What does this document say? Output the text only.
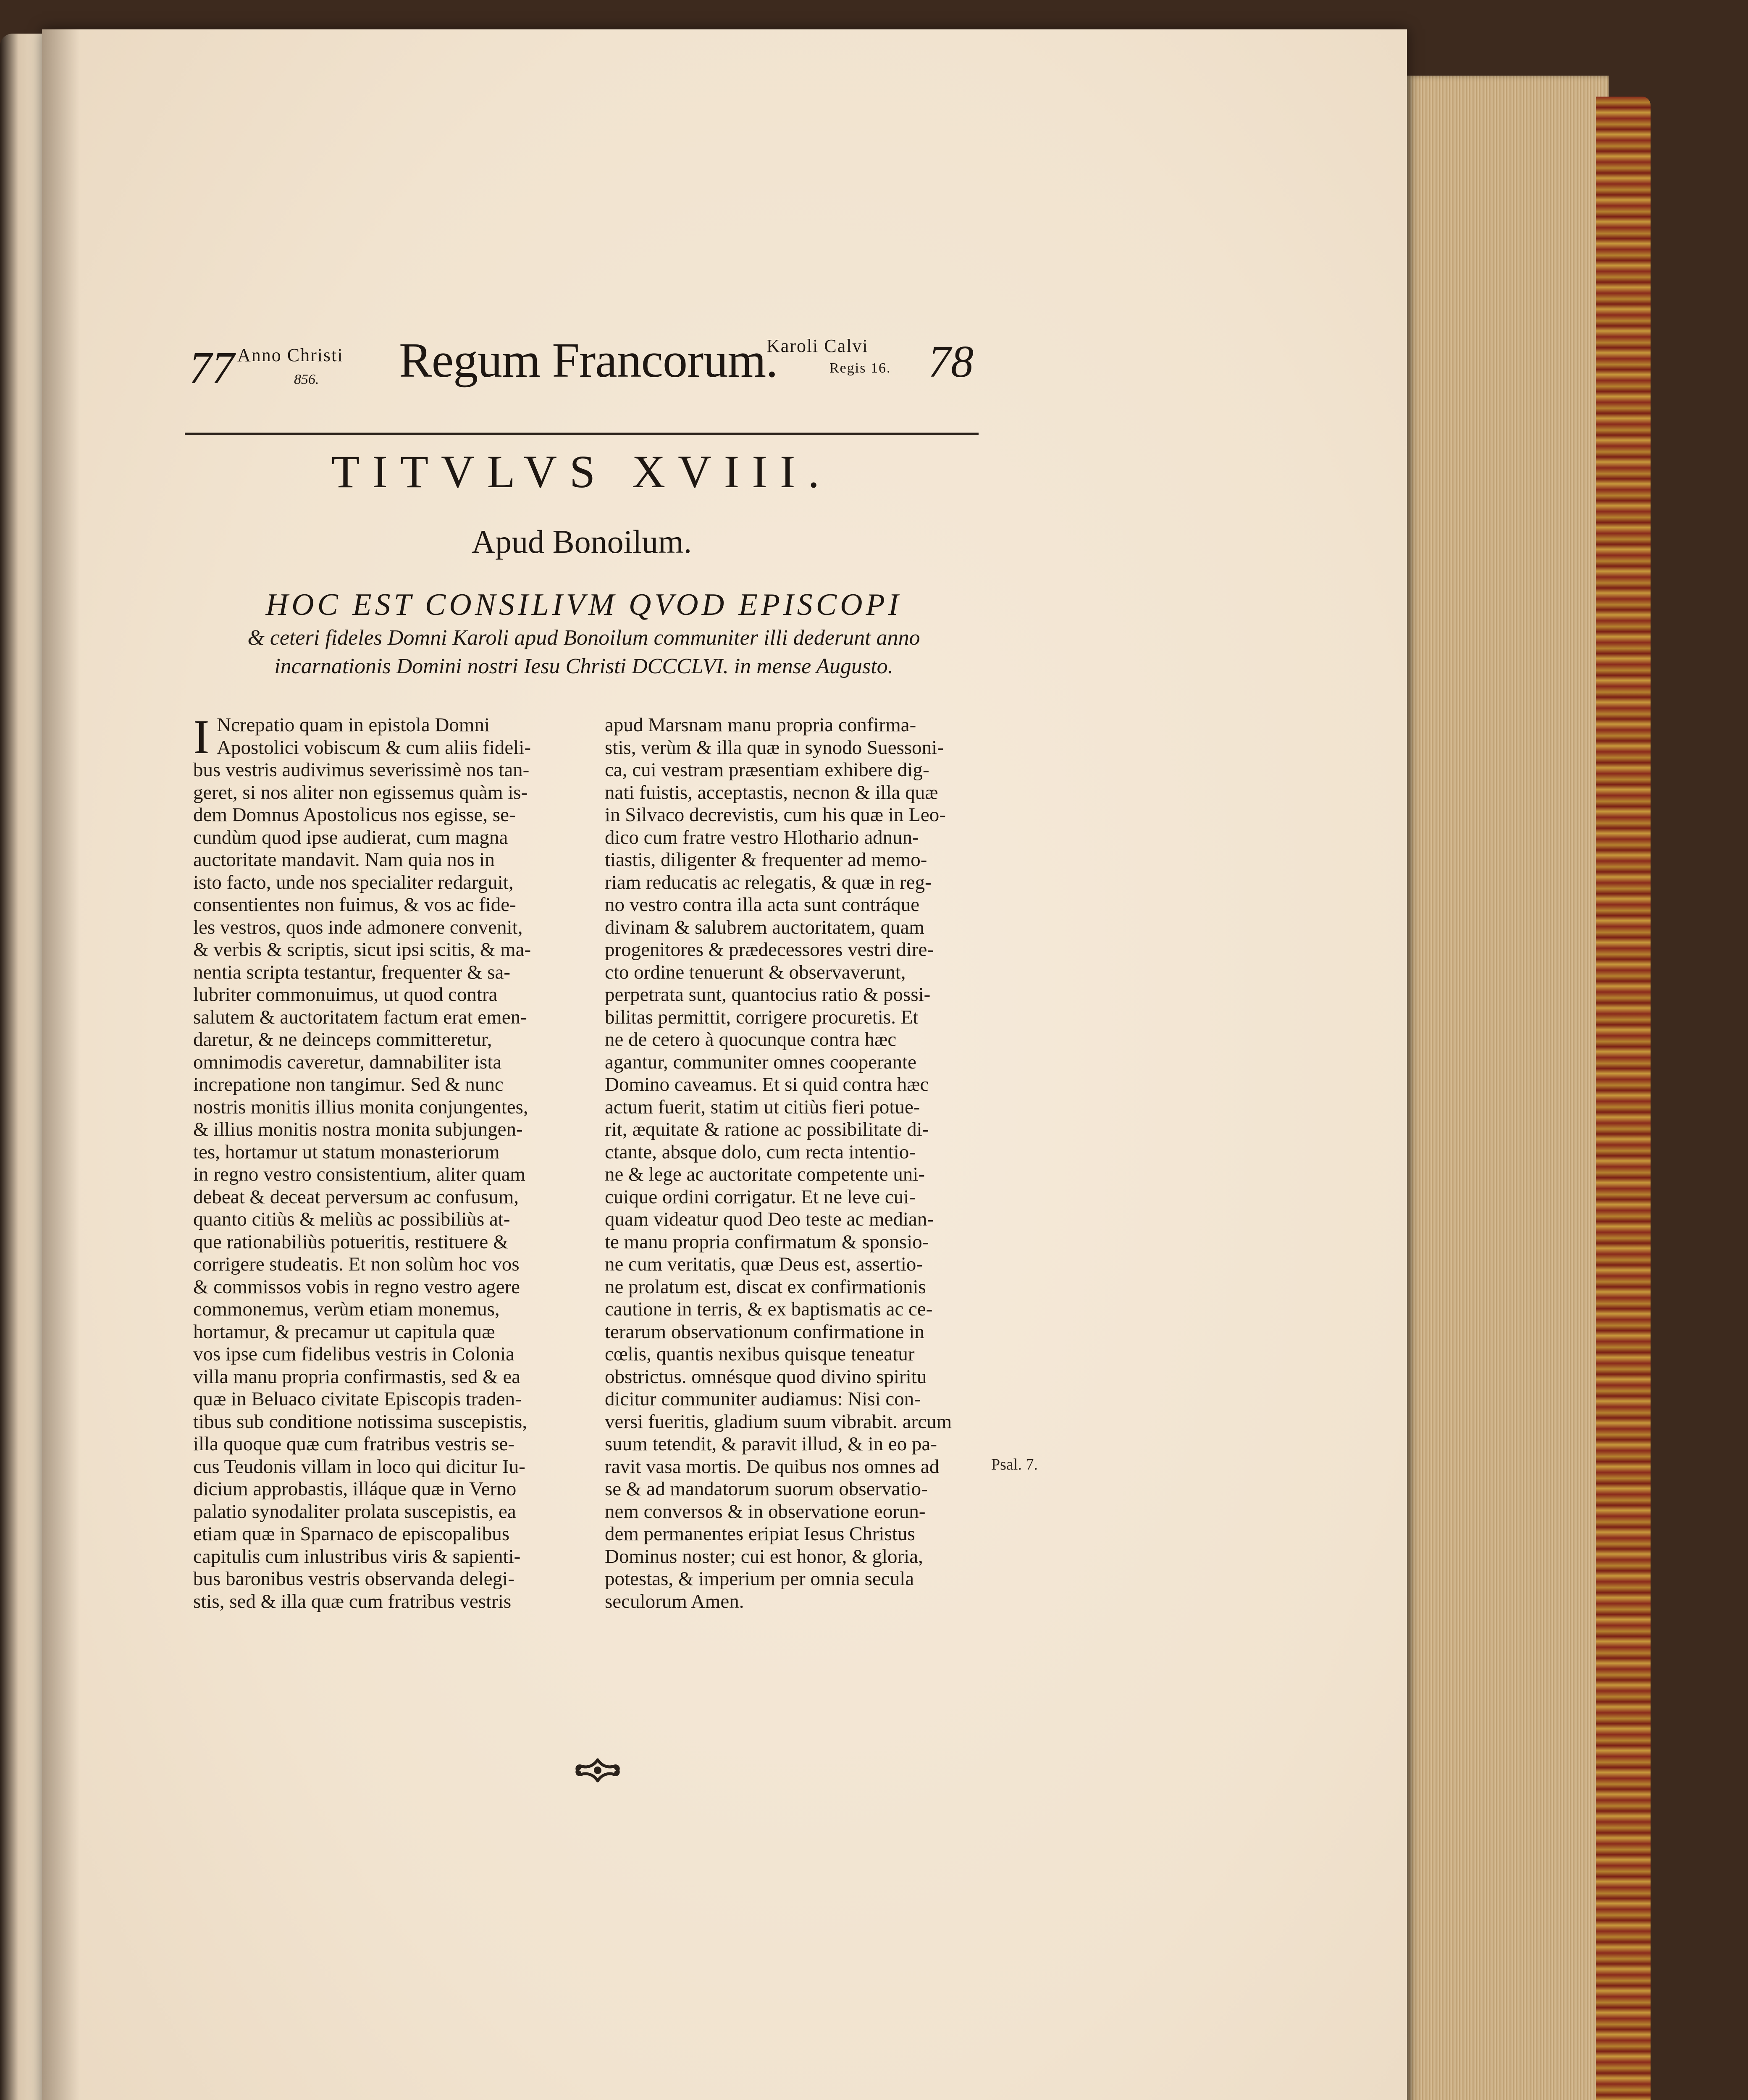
77 Anno Christi
856. Regum Francorum.
Karoli Calvi
Regis 16. 78
TITVLVS XVIII.
Apud Bonoilum.
HOC EST CONSILIVM QVOD EPISCOPI
& ceteri fideles Domni Karoli apud Bonoilum communiter illi dederunt anno
incarnationis Domini nostri Iesu Christi DCCCLVI. in mense Augusto.
I Ncrepatio quam in epistola Domni

Apostolici vobiscum & cum aliis fideli-

bus vestris audivimus severissimè nos tan-

geret, si nos aliter non egissemus quàm is-

dem Domnus Apostolicus nos egisse, se-

cundùm quod ipse audierat, cum magna

auctoritate mandavit. Nam quia nos in

isto facto, unde nos specialiter redarguit,

consentientes non fuimus, & vos ac fide-

les vestros, quos inde admonere convenit,

& verbis & scriptis, sicut ipsi scitis, & ma-

nentia scripta testantur, frequenter & sa-

lubriter commonuimus, ut quod contra

salutem & auctoritatem factum erat emen-

daretur, & ne deinceps committeretur,

omnimodis caveretur, damnabiliter ista

increpatione non tangimur. Sed & nunc

nostris monitis illius monita conjungentes,

& illius monitis nostra monita subjungen-

tes, hortamur ut statum monasteriorum

in regno vestro consistentium, aliter quam

debeat & deceat perversum ac confusum,

quanto citiùs & meliùs ac possibiliùs at-

que rationabiliùs potueritis, restituere &

corrigere studeatis. Et non solùm hoc vos

& commissos vobis in regno vestro agere

commonemus, verùm etiam monemus,

hortamur, & precamur ut capitula quæ

vos ipse cum fidelibus vestris in Colonia

villa manu propria confirmastis, sed & ea

quæ in Beluaco civitate Episcopis traden-

tibus sub conditione notissima suscepistis,

illa quoque quæ cum fratribus vestris se-

cus Teudonis villam in loco qui dicitur Iu-

dicium approbastis, illáque quæ in Verno

palatio synodaliter prolata suscepistis, ea

etiam quæ in Sparnaco de episcopalibus

capitulis cum inlustribus viris & sapienti-

bus baronibus vestris observanda delegi-

stis, sed & illa quæ cum fratribus vestris

apud Marsnam manu propria confirma-

stis, verùm & illa quæ in synodo Suessoni-

ca, cui vestram præsentiam exhibere dig-

nati fuistis, acceptastis, necnon & illa quæ

in Silvaco decrevistis, cum his quæ in Leo-

dico cum fratre vestro Hlothario adnun-

tiastis, diligenter & frequenter ad memo-

riam reducatis ac relegatis, & quæ in reg-

no vestro contra illa acta sunt contráque

divinam & salubrem auctoritatem, quam

progenitores & prædecessores vestri dire-

cto ordine tenuerunt & observaverunt,

perpetrata sunt, quantocius ratio & possi-

bilitas permittit, corrigere procuretis. Et

ne de cetero à quocunque contra hæc

agantur, communiter omnes cooperante

Domino caveamus. Et si quid contra hæc

actum fuerit, statim ut citiùs fieri potue-

rit, æquitate & ratione ac possibilitate di-

ctante, absque dolo, cum recta intentio-

ne & lege ac auctoritate competente uni-

cuique ordini corrigatur. Et ne leve cui-

quam videatur quod Deo teste ac median-

te manu propria confirmatum & sponsio-

ne cum veritatis, quæ Deus est, assertio-

ne prolatum est, discat ex confirmationis

cautione in terris, & ex baptismatis ac ce-

terarum observationum confirmatione in

cœlis, quantis nexibus quisque teneatur

obstrictus. omnésque quod divino spiritu

dicitur communiter audiamus: Nisi con-

versi fueritis, gladium suum vibrabit. arcum

suum tetendit, & paravit illud, & in eo pa-

ravit vasa mortis. De quibus nos omnes ad

se & ad mandatorum suorum observatio-

nem conversos & in observatione eorun-

dem permanentes eripiat Iesus Christus

Dominus noster; cui est honor, & gloria,

potestas, & imperium per omnia secula

seculorum Amen.

Psal. 7.
